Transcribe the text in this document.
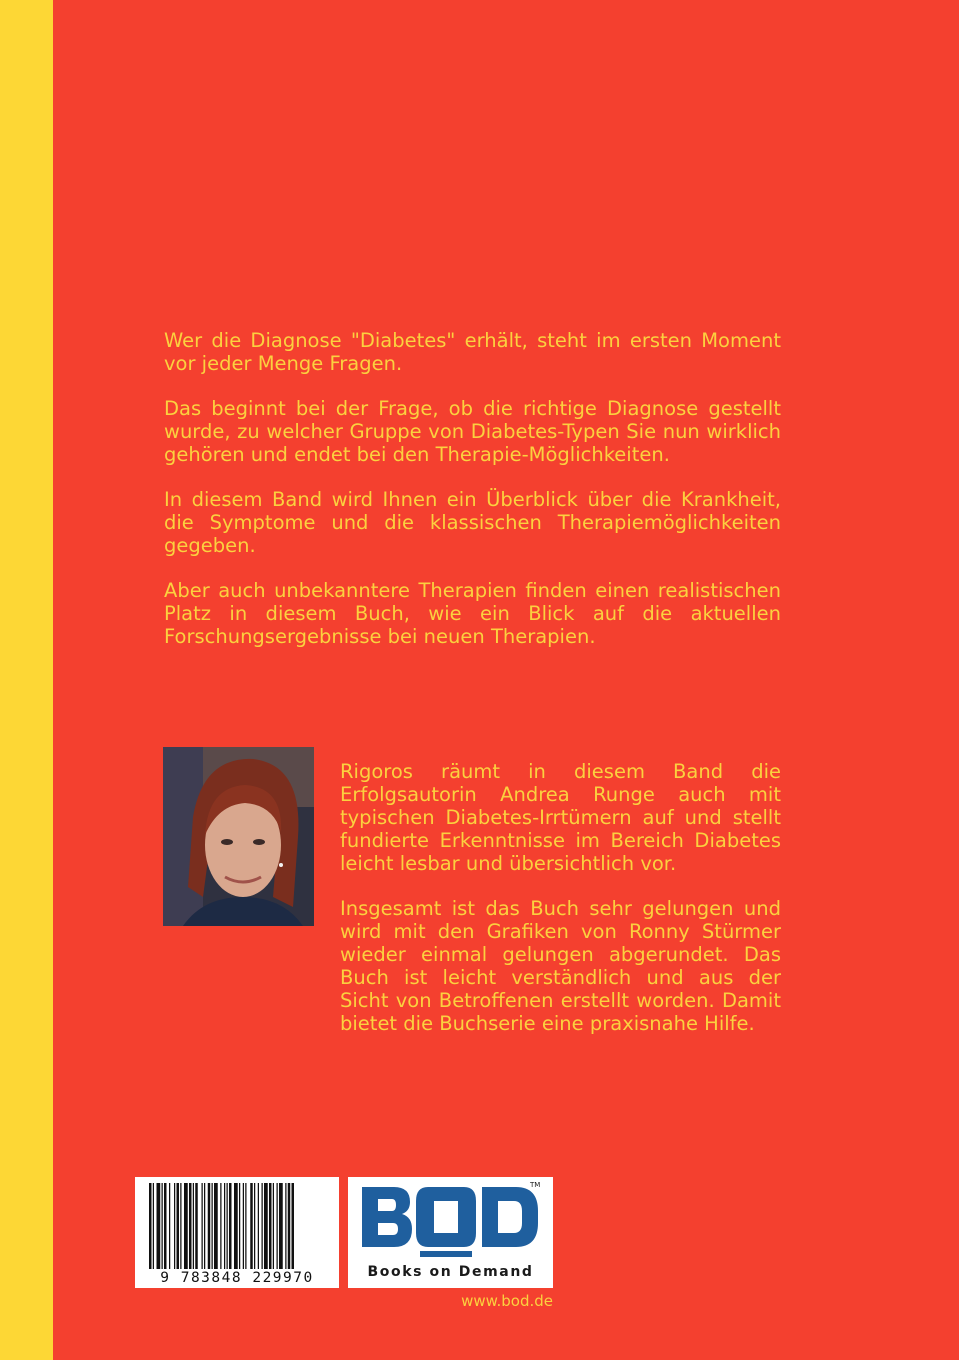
Wer die Diagnose "Diabetes" erhält, steht im ersten Moment vor jeder Menge Fragen.

Das beginnt bei der Frage, ob die richtige Diagnose gestellt wurde, zu welcher Gruppe von Diabetes-Typen Sie nun wirklich gehören und endet bei den Therapie-Möglichkeiten.

In diesem Band wird Ihnen ein Überblick über die Krankheit, die Symptome und die klassischen Therapiemöglichkeiten gegeben.

Aber auch unbekanntere Therapien finden einen realistischen Platz in diesem Buch, wie ein Blick auf die aktuellen Forschungsergebnisse bei neuen Therapien.

Rigoros räumt in diesem Band die Erfolgsautorin Andrea Runge auch mit typischen Diabetes-Irrtümern auf und stellt fundierte Erkenntnisse im Bereich Diabetes leicht lesbar und übersichtlich vor.

Insgesamt ist das Buch sehr gelungen und wird mit den Grafiken von Ronny Stürmer wieder einmal gelungen abgerundet. Das Buch ist leicht verständlich und aus der Sicht von Betroffenen erstellt worden. Damit bietet die Buchserie eine praxisnahe Hilfe.

9 783848 229970	Books on Demand
TM
www.bod.de
